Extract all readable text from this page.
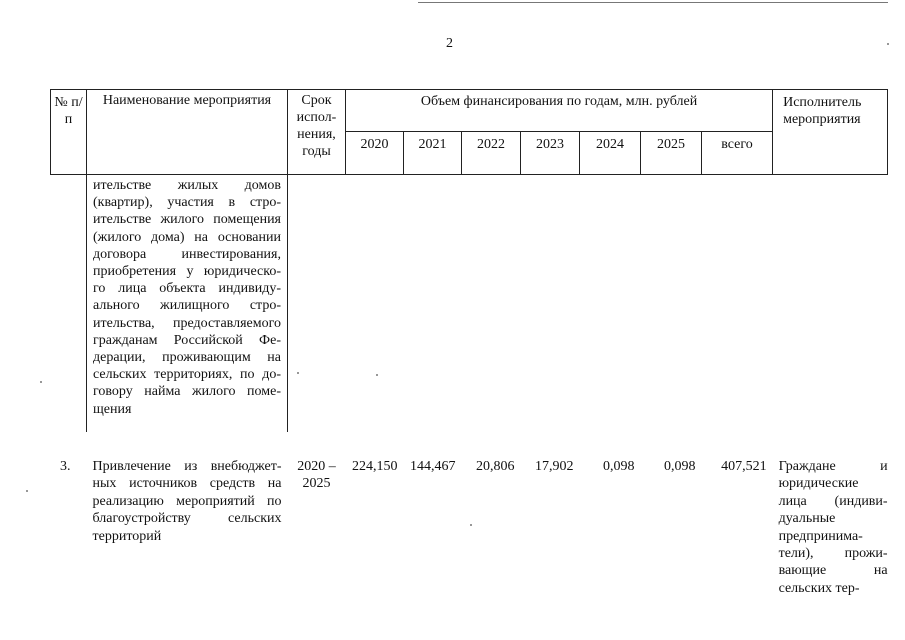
2
№ п/п	Наименование мероприятия	Срок испол- нения, годы	Объем финансирования по годам, млн. рублей							Исполнитель мероприятия
			2020	2021	2022	2023	2024	2025	всего	

	ительстве жилых домов (квартир), участия в стро- ительстве жилого помещения (жилого дома) на основании договора инвестирования, приобретения у юридическо- го лица объекта индивиду- ального жилищного стро- ительства, предоставляемого гражданам Российской Фе- дерации, проживающим на сельских территориях, по до- говору найма жилого поме- щения									

3.	Привлечение из внебюджет- ных источников средств на реализацию мероприятий по благоустройству сельских территорий	2020 – 2025	224,150	144,467	20,806	17,902	0,098	0,098	407,521	Граждане и юридические лица (индиви- дуальные предпринима- тели), прожи- вающие на сельских тер-
